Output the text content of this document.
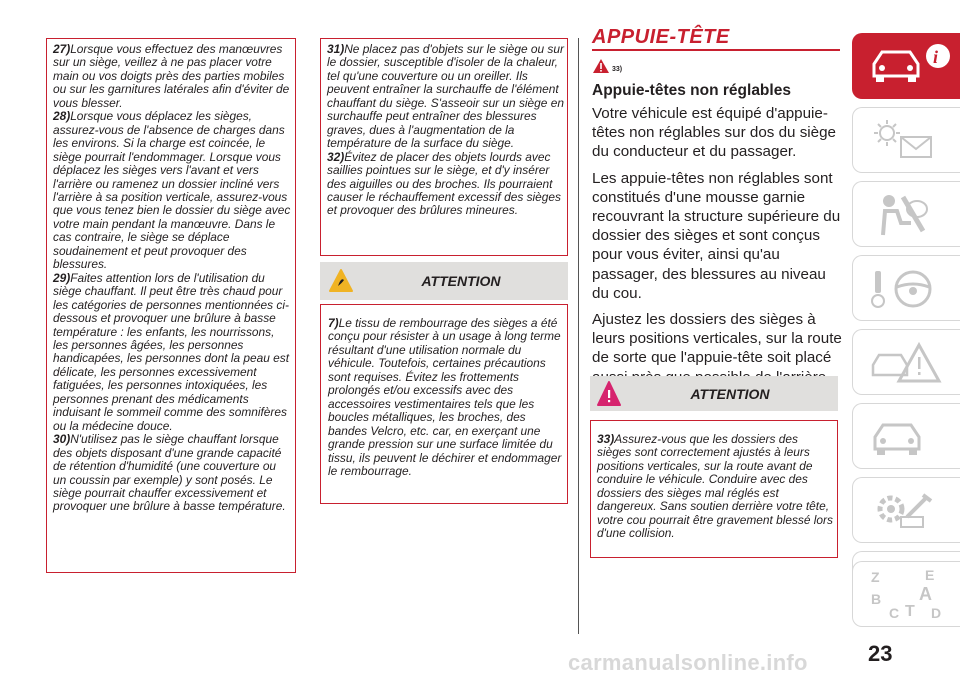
27)Lorsque vous effectuez des manœuvres sur un siège, veillez à ne pas placer votre main ou vos doigts près des parties mobiles ou sur les garnitures latérales afin d'éviter de vous blesser.

28)Lorsque vous déplacez les sièges, assurez-vous de l'absence de charges dans les environs. Si la charge est coincée, le siège pourrait l'endommager. Lorsque vous déplacez les sièges vers l'avant et vers l'arrière ou ramenez un dossier incliné vers l'arrière à sa position verticale, assurez-vous que vous tenez bien le dossier du siège avec votre main pendant la manœuvre. Dans le cas contraire, le siège se déplace soudainement et peut provoquer des blessures.

29)Faites attention lors de l'utilisation du siège chauffant. Il peut être très chaud pour les catégories de personnes mentionnées ci-dessous et provoquer une brûlure à basse température : les enfants, les nourrissons, les personnes âgées, les personnes handicapées, les personnes dont la peau est délicate, les personnes excessivement fatiguées, les personnes intoxiquées, les personnes prenant des médicaments induisant le sommeil comme des somnifères ou la médecine douce.

30)N'utilisez pas le siège chauffant lorsque des objets disposant d'une grande capacité de rétention d'humidité (une couverture ou un coussin par exemple) y sont posés. Le siège pourrait chauffer excessivement et provoquer une brûlure à basse température.

31)Ne placez pas d'objets sur le siège ou sur le dossier, susceptible d'isoler de la chaleur, tel qu'une couverture ou un oreiller. Ils peuvent entraîner la surchauffe de l'élément chauffant du siège. S'asseoir sur un siège en surchauffe peut entraîner des blessures graves, dues à l'augmentation de la température de la surface du siège.

32)Évitez de placer des objets lourds avec saillies pointues sur le siège, et d'y insérer des aiguilles ou des broches. Ils pourraient causer le réchauffement excessif des sièges et provoquer des brûlures mineures.

ATTENTION

7)Le tissu de rembourrage des sièges a été conçu pour résister à un usage à long terme résultant d'une utilisation normale du véhicule. Toutefois, certaines précautions sont requises. Évitez les frottements prolongés et/ou excessifs avec des accessoires vestimentaires tels que les boucles métalliques, les broches, des bandes Velcro, etc. car, en exerçant une grande pression sur une surface limitée du tissu, ils peuvent le déchirer et endommager le rembourrage.

APPUIE-TÊTE
33)
Appuie-têtes non réglables

Votre véhicule est équipé d'appuie-têtes non réglables sur dos du siège du conducteur et du passager.

Les appuie-têtes non réglables sont constitués d'une mousse garnie recouvrant la structure supérieure du dossier des sièges et sont conçus pour vous éviter, ainsi qu'au passager, des blessures au niveau du cou.

Ajustez les dossiers des sièges à leurs positions verticales, sur la route de sorte que l'appuie-tête soit placé

ATTENTION

33)Assurez-vous que les dossiers des sièges sont correctement ajustés à leurs positions verticales, sur la route avant de conduire le véhicule. Conduire avec des dossiers des sièges mal réglés est dangereux. Sans soutien derrière votre tête, votre cou pourrait être gravement blessé lors d'une collision.

i
Z	E
B A
C T D
23
carmanualsonline.info
